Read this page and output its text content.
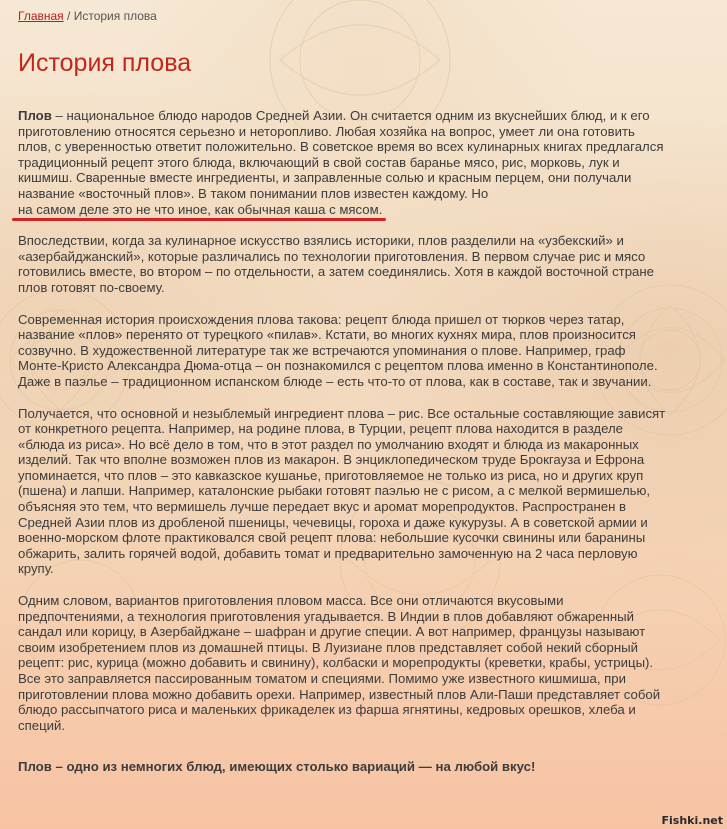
Главная / История плова
История плова

Плов – национальное блюдо народов Средней Азии. Он считается одним из вкуснейших блюд, и к его приготовлению относятся серьезно и неторопливо. Любая хозяйка на вопрос, умеет ли она готовить плов, с уверенностью ответит положительно. В советское время во всех кулинарных книгах предлагался традиционный рецепт этого блюда, включающий в свой состав баранье мясо, рис, морковь, лук и кишмиш. Сваренные вместе ингредиенты, и заправленные солью и красным перцем, они получали название «восточный плов». В таком понимании плов известен каждому. Но на самом деле это не что иное, как обычная каша с мясом.

Впоследствии, когда за кулинарное искусство взялись историки, плов разделили на «узбекский» и «азербайджанский», которые различались по технологии приготовления. В первом случае рис и мясо готовились вместе, во втором – по отдельности, а затем соединялись. Хотя в каждой восточной стране плов готовят по-своему.

Современная история происхождения плова такова: рецепт блюда пришел от тюрков через татар, название «плов» перенято от турецкого «пилав». Кстати, во многих кухнях мира, плов произносится созвучно. В художественной литературе так же встречаются упоминания о плове. Например, граф Монте-Кристо Александра Дюма-отца – он познакомился с рецептом плова именно в Константинополе. Даже в паэлье – традиционном испанском блюде – есть что-то от плова, как в составе, так и звучании.

Получается, что основной и незыблемый ингредиент плова – рис. Все остальные составляющие зависят от конкретного рецепта. Например, на родине плова, в Турции, рецепт плова находится в разделе «блюда из риса». Но всё дело в том, что в этот раздел по умолчанию входят и блюда из макаронных изделий. Так что вполне возможен плов из макарон. В энциклопедическом труде Брокгауза и Ефрона упоминается, что плов – это кавказское кушанье, приготовляемое не только из риса, но и других круп (пшена) и лапши. Например, каталонские рыбаки готовят паэлью не с рисом, а с мелкой вермишелью, объясняя это тем, что вермишель лучше передает вкус и аромат морепродуктов. Распространен в Средней Азии плов из дробленой пшеницы, чечевицы, гороха и даже кукурузы. А в советской армии и военно-морском флоте практиковался свой рецепт плова: небольшие кусочки свинины или баранины обжарить, залить горячей водой, добавить томат и предварительно замоченную на 2 часа перловую крупу.

Одним словом, вариантов приготовления пловом масса. Все они отличаются вкусовыми предпочтениями, а технология приготовления угадывается. В Индии в плов добавляют обжаренный сандал или корицу, в Азербайджане – шафран и другие специи. А вот например, французы называют своим изобретением плов из домашней птицы. В Луизиане плов представляет собой некий сборный рецепт: рис, курица (можно добавить и свинину), колбаски и морепродукты (креветки, крабы, устрицы). Все это заправляется пассированным томатом и специями. Помимо уже известного кишмиша, при приготовлении плова можно добавить орехи. Например, известный плов Али-Паши представляет собой блюдо рассыпчатого риса и маленьких фрикаделек из фарша ягнятины, кедровых орешков, хлеба и специй.

Плов – одно из немногих блюд, имеющих столько вариаций — на любой вкус!
Fishki.net
